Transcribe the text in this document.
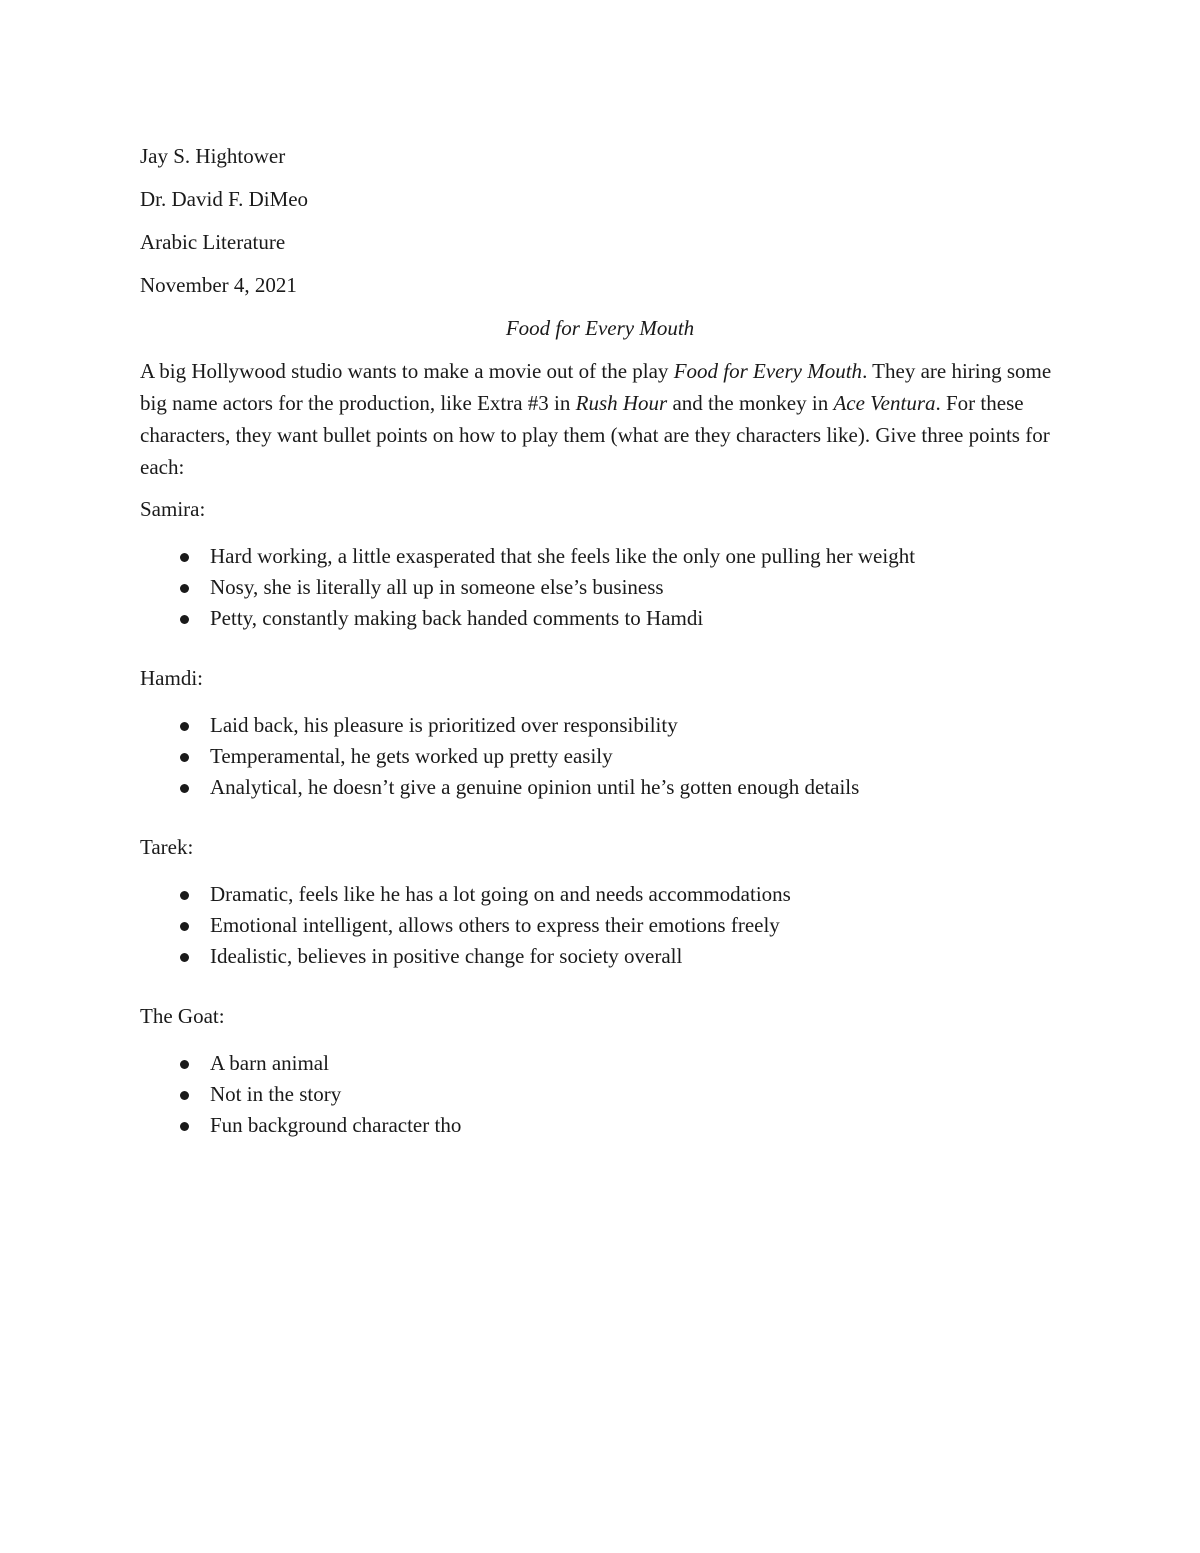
Jay S. Hightower
Dr. David F. DiMeo
Arabic Literature
November 4, 2021
Food for Every Mouth

A big Hollywood studio wants to make a movie out of the play Food for Every Mouth. They are hiring some big name actors for the production, like Extra #3 in Rush Hour and the monkey in Ace Ventura. For these characters, they want bullet points on how to play them (what are they characters like). Give three points for each:

Samira:
Hard working, a little exasperated that she feels like the only one pulling her weight
Nosy, she is literally all up in someone else’s business
Petty, constantly making back handed comments to Hamdi
Hamdi:
Laid back, his pleasure is prioritized over responsibility
Temperamental, he gets worked up pretty easily
Analytical, he doesn’t give a genuine opinion until he’s gotten enough details
Tarek:
Dramatic, feels like he has a lot going on and needs accommodations
Emotional intelligent, allows others to express their emotions freely
Idealistic, believes in positive change for society overall
The Goat:
A barn animal
Not in the story
Fun background character tho
